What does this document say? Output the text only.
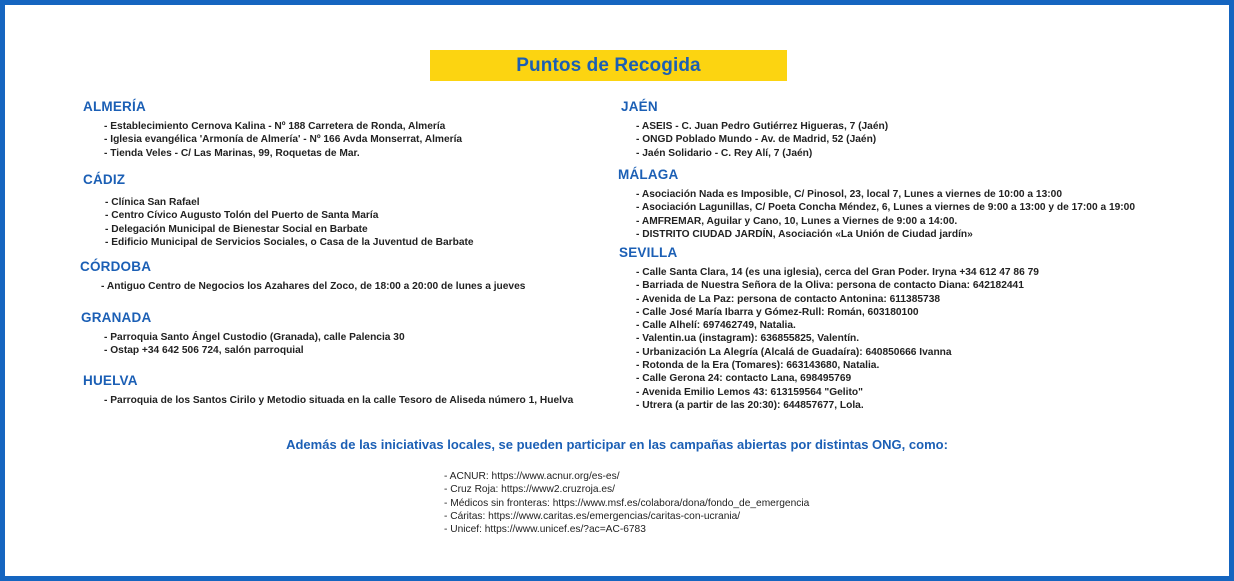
Puntos de Recogida
ALMERÍA
- Establecimiento Cernova Kalina - Nº 188 Carretera de Ronda, Almería
- Iglesia evangélica 'Armonía de Almería' - Nº 166 Avda Monserrat, Almería
- Tienda Veles - C/ Las Marinas, 99, Roquetas de Mar.
CÁDIZ
- Clínica San Rafael
- Centro Cívico Augusto Tolón del Puerto de Santa María
- Delegación Municipal de Bienestar Social en Barbate
- Edificio Municipal de Servicios Sociales, o Casa de la Juventud de Barbate
CÓRDOBA
- Antiguo Centro de Negocios los Azahares del Zoco, de 18:00 a 20:00 de lunes a jueves
GRANADA
- Parroquia Santo Ángel Custodio (Granada), calle Palencia 30
- Ostap +34 642 506 724, salón parroquial
HUELVA
- Parroquia de los Santos Cirilo y Metodio situada en la calle Tesoro de Aliseda número 1, Huelva
JAÉN
- ASEIS - C. Juan Pedro Gutiérrez Higueras, 7 (Jaén)
- ONGD Poblado Mundo - Av. de Madrid, 52 (Jaén)
- Jaén Solidario - C. Rey Alí, 7 (Jaén)
MÁLAGA
- Asociación Nada es Imposible, C/ Pinosol, 23, local 7, Lunes a viernes de 10:00 a 13:00
- Asociación Lagunillas, C/ Poeta Concha Méndez, 6, Lunes a viernes de 9:00 a 13:00 y de 17:00 a 19:00
- AMFREMAR, Aguilar y Cano, 10, Lunes a Viernes de 9:00 a 14:00.
- DISTRITO CIUDAD JARDÍN, Asociación «La Unión de Ciudad jardín»
SEVILLA
- Calle Santa Clara, 14 (es una iglesia), cerca del Gran Poder. Iryna +34 612 47 86 79
- Barriada de Nuestra Señora de la Oliva: persona de contacto Diana: 642182441
- Avenida de La Paz: persona de contacto Antonina: 611385738
- Calle José María Ibarra y Gómez-Rull: Román, 603180100
- Calle Alhelí: 697462749, Natalia.
- Valentin.ua (instagram): 636855825, Valentín.
- Urbanización La Alegría (Alcalá de Guadaíra): 640850666 Ivanna
- Rotonda de la Era (Tomares): 663143680, Natalia.
- Calle Gerona 24: contacto Lana, 698495769
- Avenida Emilio Lemos 43: 613159564 "Gelito"
- Utrera (a partir de las 20:30): 644857677, Lola.
Además de las iniciativas locales, se pueden participar en las campañas abiertas por distintas ONG, como:
- ACNUR: https://www.acnur.org/es-es/
- Cruz Roja: https://www2.cruzroja.es/
- Médicos sin fronteras: https://www.msf.es/colabora/dona/fondo_de_emergencia
- Cáritas: https://www.caritas.es/emergencias/caritas-con-ucrania/
- Unicef: https://www.unicef.es/?ac=AC-6783
